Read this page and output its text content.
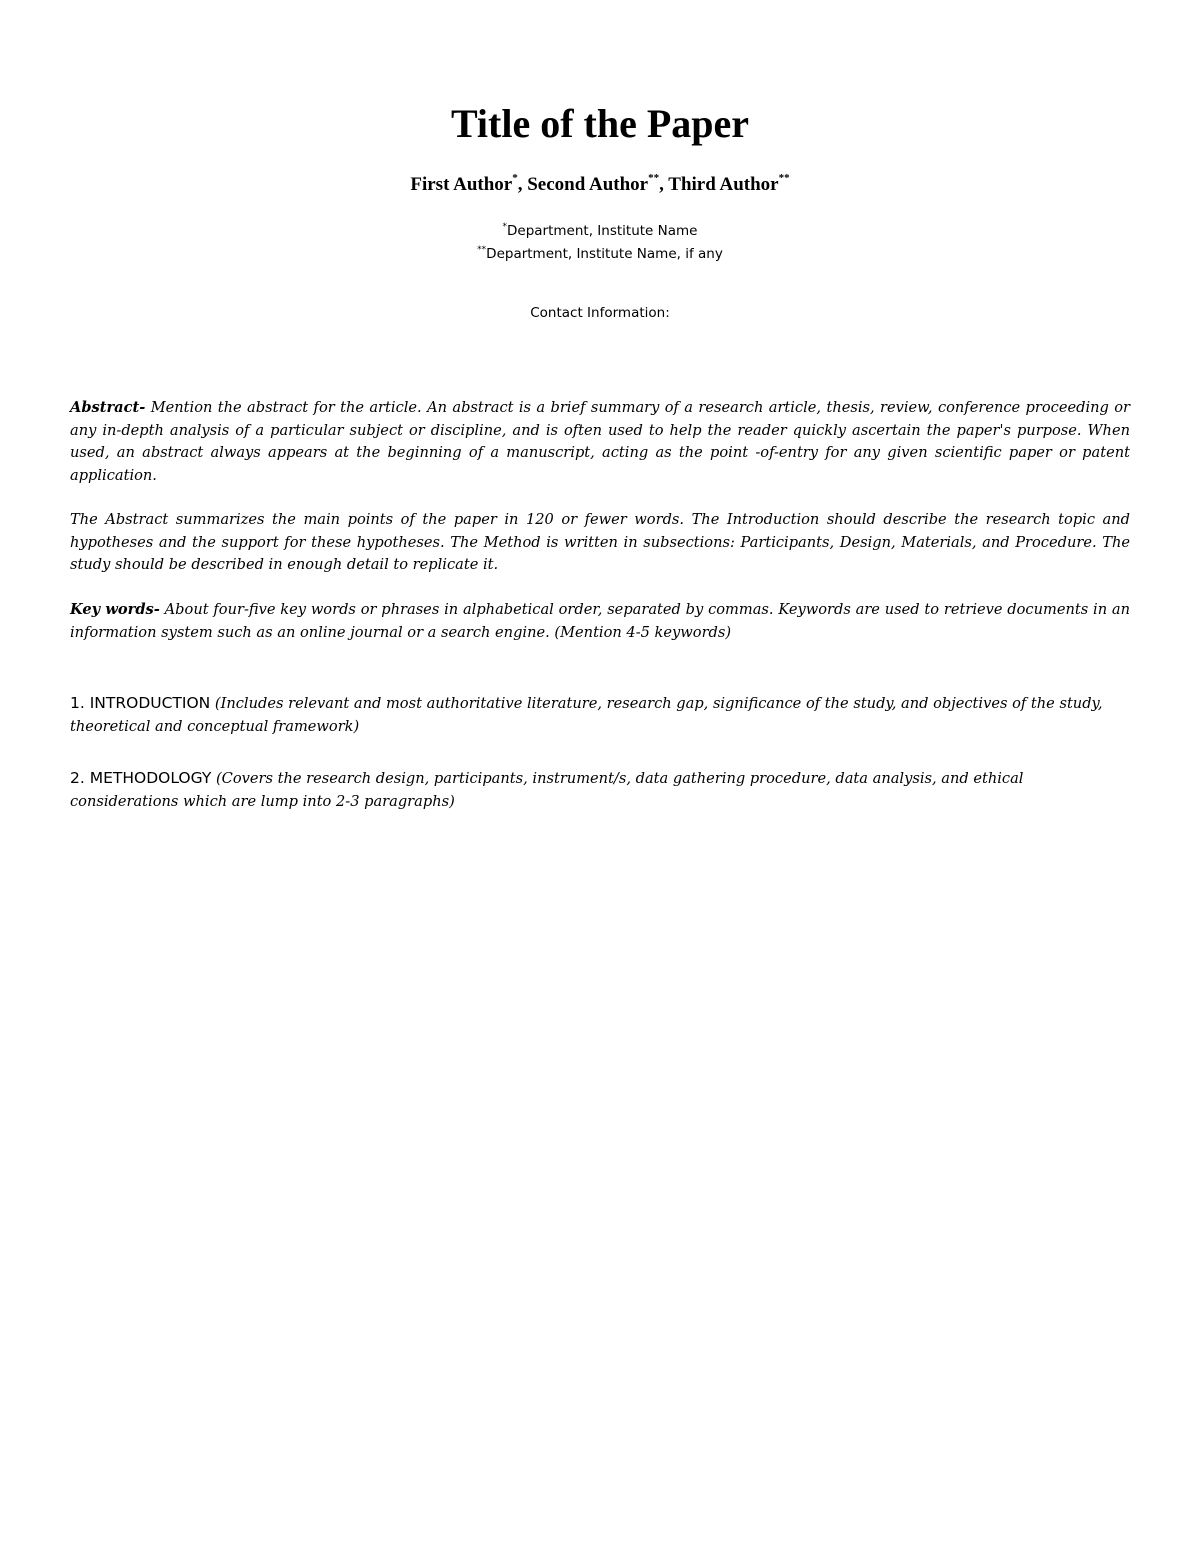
Title of the Paper
First Author*, Second Author**, Third Author**
*Department, Institute Name
**Department, Institute Name, if any
Contact Information:

Abstract- Mention the abstract for the article. An abstract is a brief summary of a research article, thesis, review, conference proceeding or any in-depth analysis of a particular subject or discipline, and is often used to help the reader quickly ascertain the paper's purpose. When used, an abstract always appears at the beginning of a manuscript, acting as the point -of-entry for any given scientific paper or patent application.

The Abstract summarizes the main points of the paper in 120 or fewer words. The Introduction should describe the research topic and hypotheses and the support for these hypotheses. The Method is written in subsections: Participants, Design, Materials, and Procedure. The study should be described in enough detail to replicate it.

Key words- About four-five key words or phrases in alphabetical order, separated by commas. Keywords are used to retrieve documents in an information system such as an online journal or a search engine. (Mention 4-5 keywords)

1. INTRODUCTION (Includes relevant and most authoritative literature, research gap, significance of the study, and objectives of the study, theoretical and conceptual framework)

2. METHODOLOGY (Covers the research design, participants, instrument/s, data gathering procedure, data analysis, and ethical considerations which are lump into 2-3 paragraphs)
